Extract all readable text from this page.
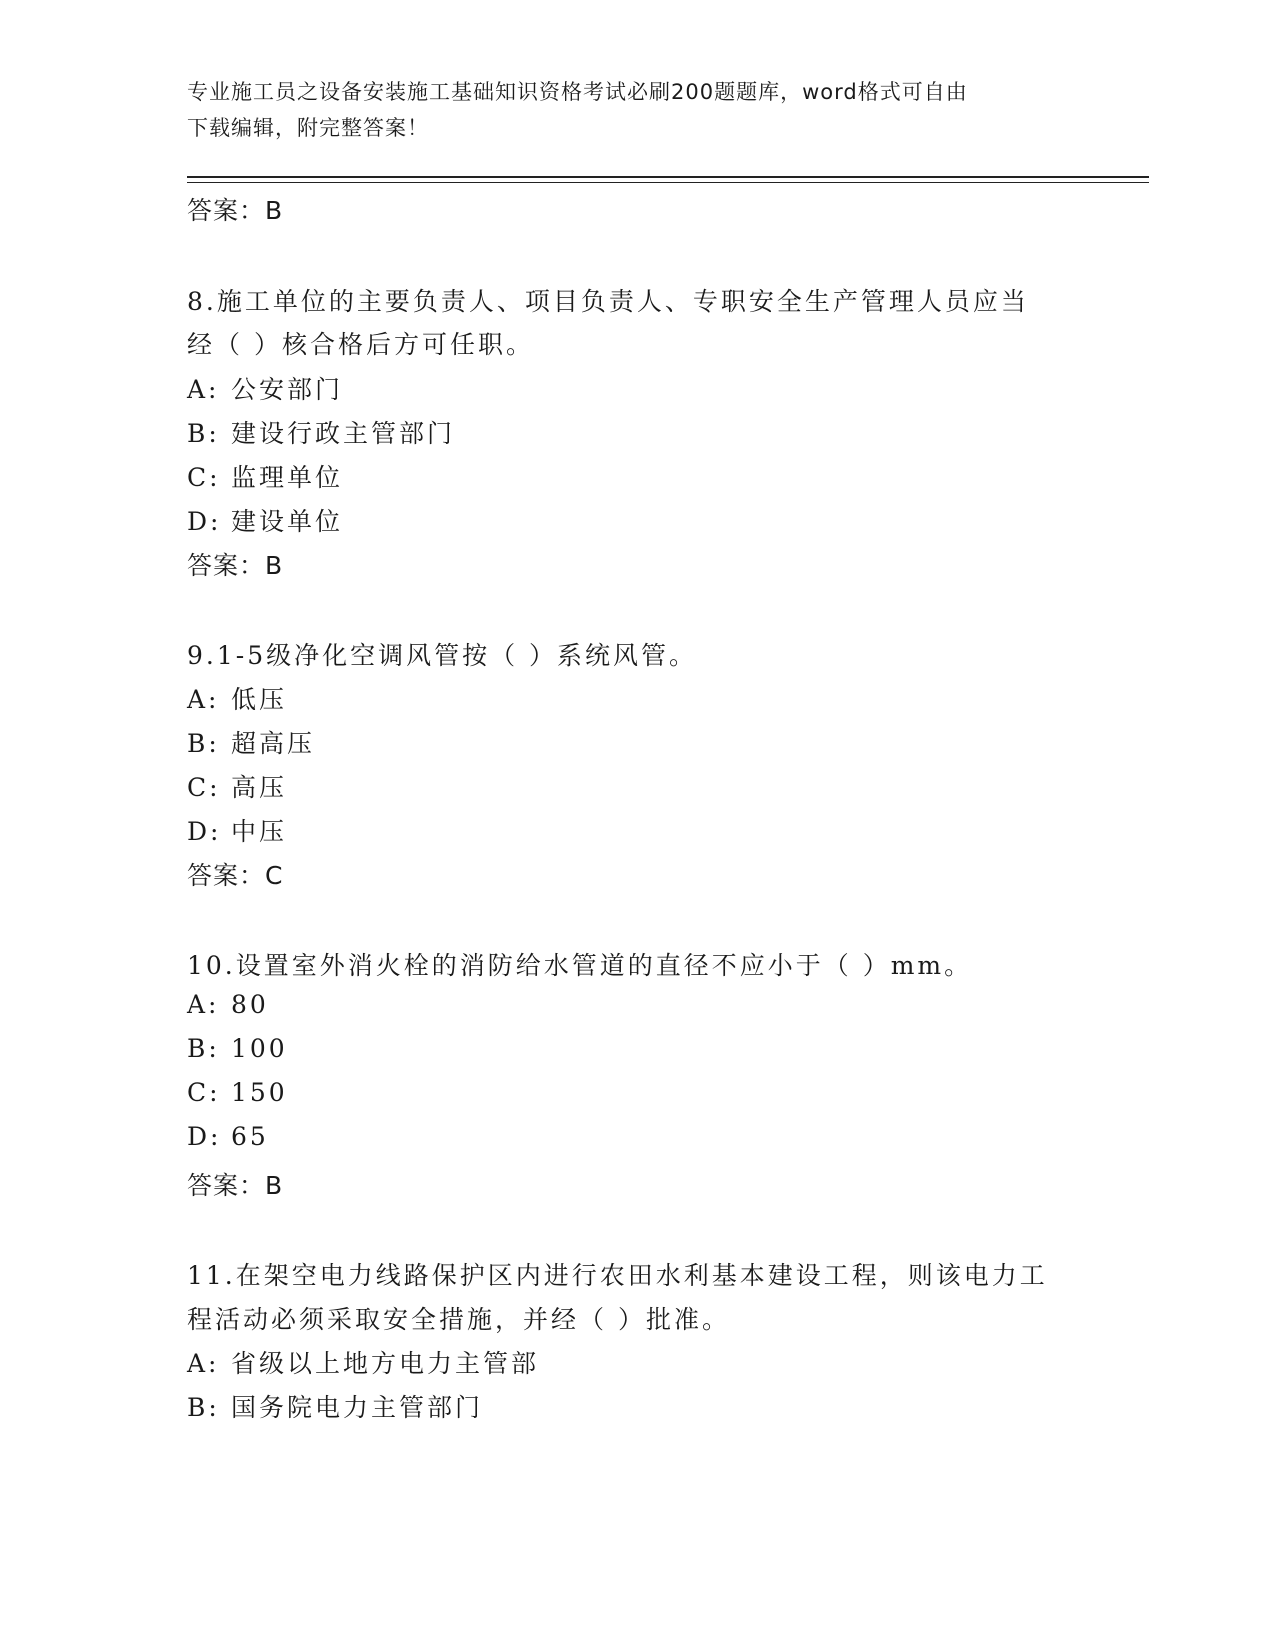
专业施工员之设备安装施工基础知识资格考试必刷200题题库，word格式可自由
下载编辑，附完整答案！
答案：B
8.施工单位的主要负责人、项目负责人、专职安全生产管理人员应当
经（ ）核合格后方可任职。
A: 公安部门
B: 建设行政主管部门
C: 监理单位
D: 建设单位
答案：B
9.1-5级净化空调风管按（ ）系统风管。
A: 低压
B: 超高压
C: 高压
D: 中压
答案：C
10.设置室外消火栓的消防给水管道的直径不应小于（ ）mm。
A: 80
B: 100
C: 150
D: 65
答案：B
11.在架空电力线路保护区内进行农田水利基本建设工程，则该电力工
程活动必须采取安全措施，并经（ ）批准。
A: 省级以上地方电力主管部
B: 国务院电力主管部门
